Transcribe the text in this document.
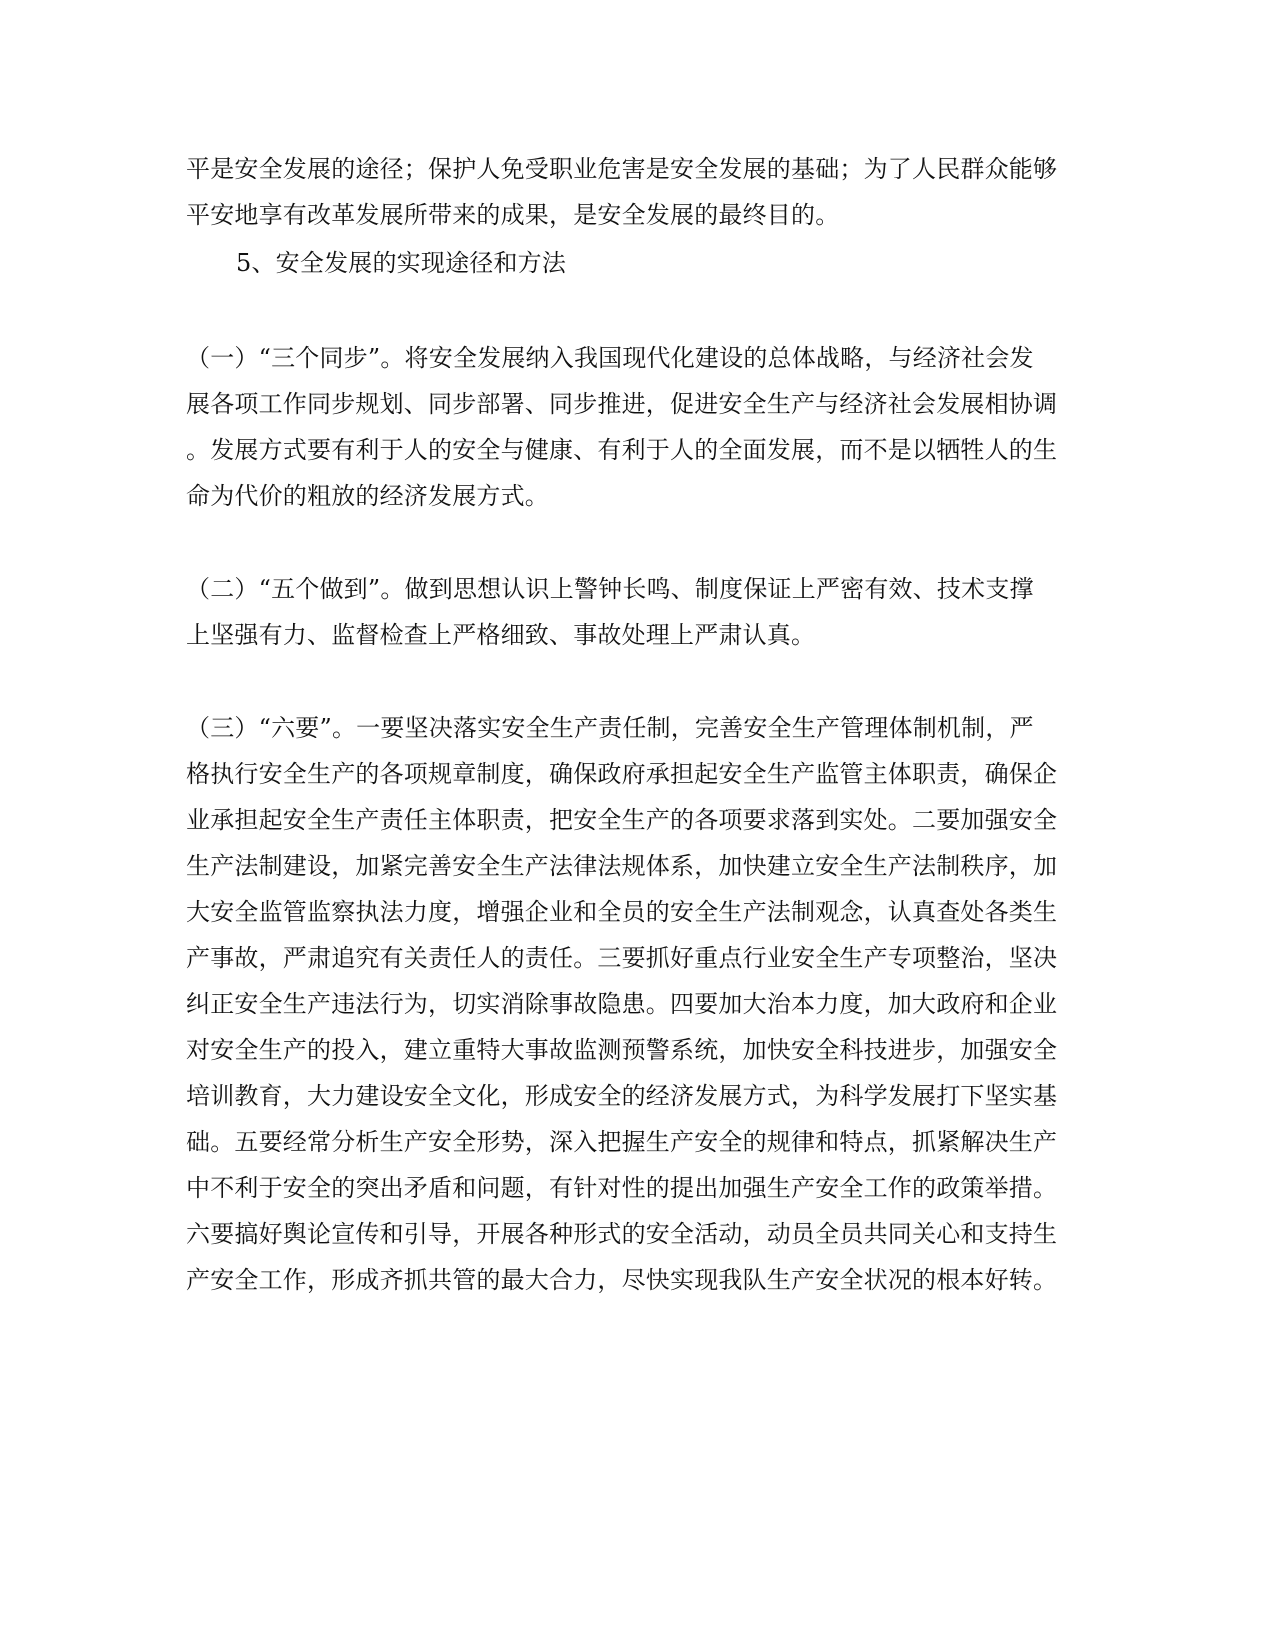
平是安全发展的途径；保护人免受职业危害是安全发展的基础；为了人民群众能够
平安地享有改革发展所带来的成果，是安全发展的最终目的。
5、安全发展的实现途径和方法
（一）“三个同步”。将安全发展纳入我国现代化建设的总体战略，与经济社会发
展各项工作同步规划、同步部署、同步推进，促进安全生产与经济社会发展相协调
。发展方式要有利于人的安全与健康、有利于人的全面发展，而不是以牺牲人的生
命为代价的粗放的经济发展方式。
（二）“五个做到”。做到思想认识上警钟长鸣、制度保证上严密有效、技术支撑
上坚强有力、监督检查上严格细致、事故处理上严肃认真。
（三）“六要”。一要坚决落实安全生产责任制，完善安全生产管理体制机制，严
格执行安全生产的各项规章制度，确保政府承担起安全生产监管主体职责，确保企
业承担起安全生产责任主体职责，把安全生产的各项要求落到实处。二要加强安全
生产法制建设，加紧完善安全生产法律法规体系，加快建立安全生产法制秩序，加
大安全监管监察执法力度，增强企业和全员的安全生产法制观念，认真查处各类生
产事故，严肃追究有关责任人的责任。三要抓好重点行业安全生产专项整治，坚决
纠正安全生产违法行为，切实消除事故隐患。四要加大治本力度，加大政府和企业
对安全生产的投入，建立重特大事故监测预警系统，加快安全科技进步，加强安全
培训教育，大力建设安全文化，形成安全的经济发展方式，为科学发展打下坚实基
础。五要经常分析生产安全形势，深入把握生产安全的规律和特点，抓紧解决生产
中不利于安全的突出矛盾和问题，有针对性的提出加强生产安全工作的政策举措。
六要搞好舆论宣传和引导，开展各种形式的安全活动，动员全员共同关心和支持生
产安全工作，形成齐抓共管的最大合力，尽快实现我队生产安全状况的根本好转。
